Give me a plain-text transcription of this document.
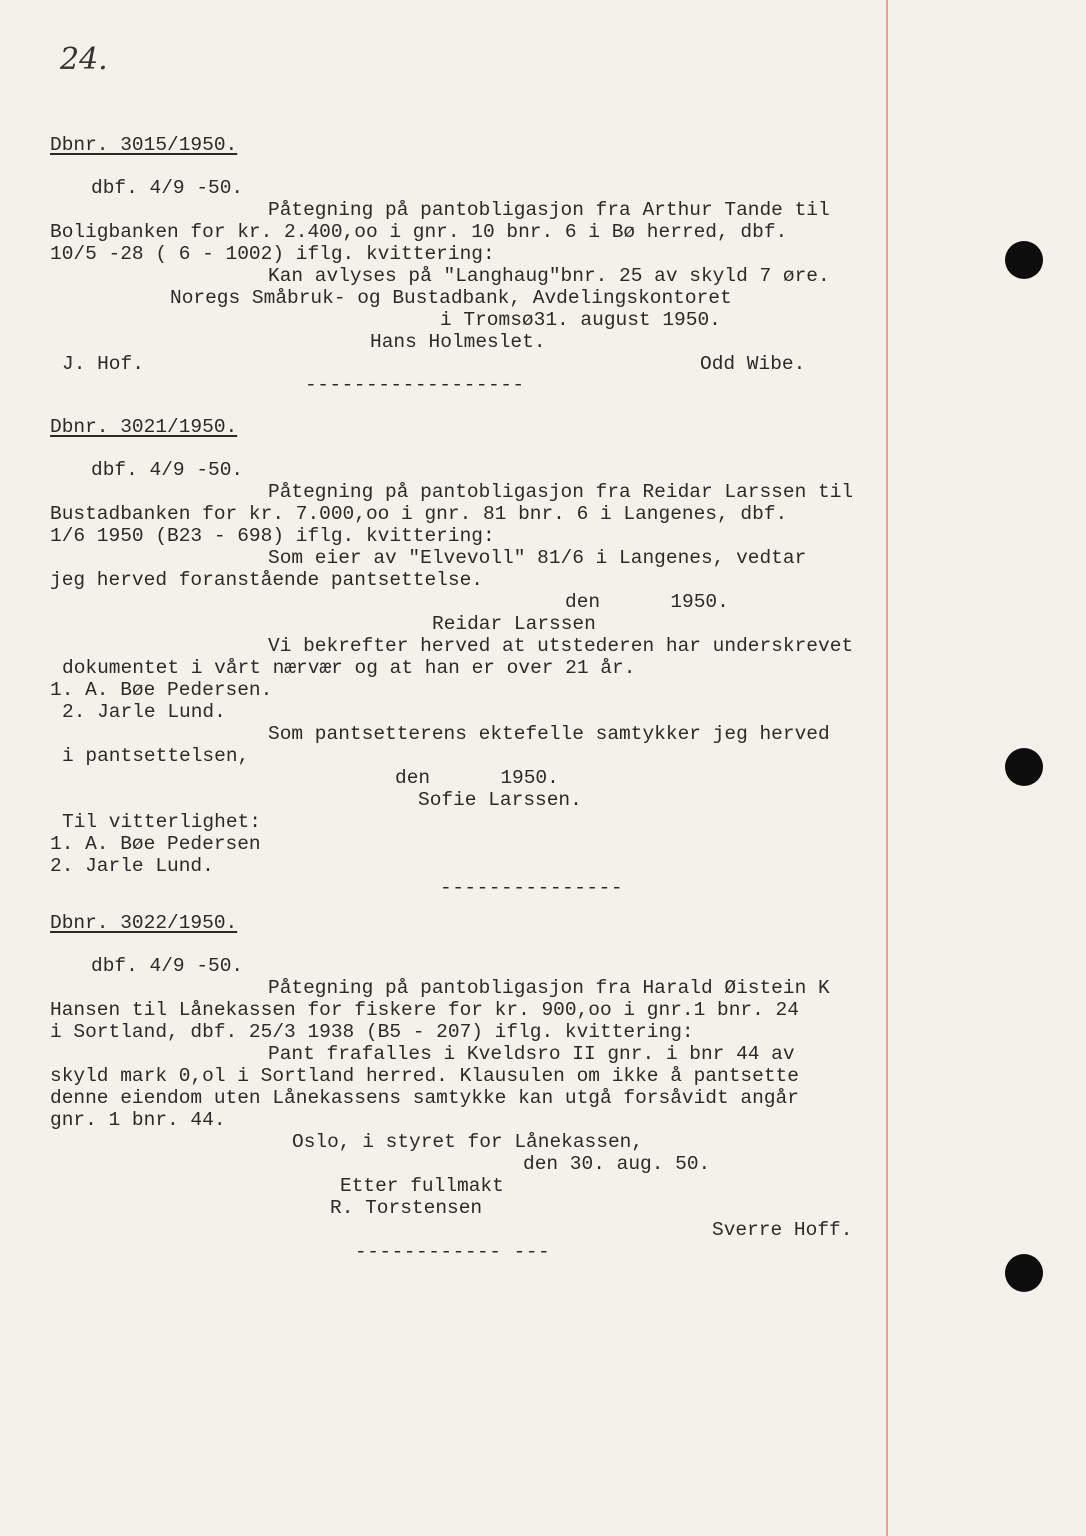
24.
Dbnr. 3015/1950.
dbf. 4/9 -50.
Påtegning på pantobligasjon fra Arthur Tande til
Boligbanken for kr. 2.400,oo i gnr. 10 bnr. 6 i Bø herred, dbf.
10/5 -28 ( 6 - 1002) iflg. kvittering:
Kan avlyses på "Langhaug"bnr. 25 av skyld 7 øre.
Noregs Småbruk- og Bustadbank, Avdelingskontoret
i Tromsø31. august 1950.
Hans Holmeslet.
J. Hof.	Odd Wibe.
------------------
Dbnr. 3021/1950.
dbf. 4/9 -50.
Påtegning på pantobligasjon fra Reidar Larssen til
Bustadbanken for kr. 7.000,oo i gnr. 81 bnr. 6 i Langenes, dbf.
1/6 1950 (B23 - 698) iflg. kvittering:
Som eier av "Elvevoll" 81/6 i Langenes, vedtar
jeg herved foranstående pantsettelse.
den      1950.
Reidar Larssen
Vi bekrefter herved at utstederen har underskrevet
dokumentet i vårt nærvær og at han er over 21 år.
1. A. Bøe Pedersen.
2. Jarle Lund.
Som pantsetterens ektefelle samtykker jeg herved
i pantsettelsen,
den      1950.
Sofie Larssen.
Til vitterlighet:
1. A. Bøe Pedersen
2. Jarle Lund.
---------------
Dbnr. 3022/1950.
dbf. 4/9 -50.
Påtegning på pantobligasjon fra Harald Øistein K
Hansen til Lånekassen for fiskere for kr. 900,oo i gnr.1 bnr. 24
i Sortland, dbf. 25/3 1938 (B5 - 207) iflg. kvittering:
Pant frafalles i Kveldsro II gnr. i bnr 44 av
skyld mark 0,ol i Sortland herred. Klausulen om ikke å pantsette
denne eiendom uten Lånekassens samtykke kan utgå forsåvidt angår
gnr. 1 bnr. 44.
Oslo, i styret for Lånekassen,
den 30. aug. 50.
Etter fullmakt
R. Torstensen
Sverre Hoff.
------------ ---
